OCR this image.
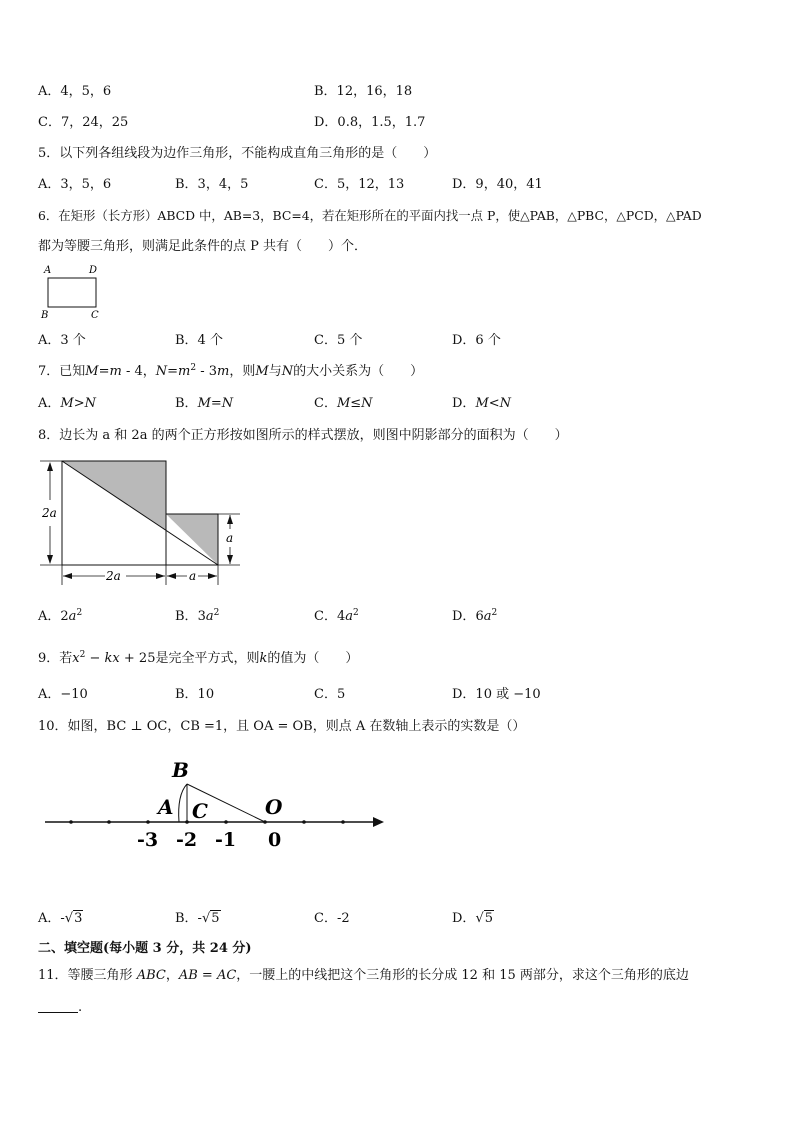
A．4，5，6	B．12，16，18
C．7，24，25	D．0.8，1.5，1.7
5．以下列各组线段为边作三角形，不能构成直角三角形的是（　　）
A．3，5，6	B．3，4，5	C．5，12，13	D．9，40，41
6．在矩形（长方形）ABCD 中，AB=3，BC=4，若在矩形所在的平面内找一点 P，使△PAB，△PBC，△PCD，△PAD
都为等腰三角形，则满足此条件的点 P 共有（　　）个．
A	D
B	C
A．3 个	B．4 个	C．5 个	D．6 个
7．已知M=m - 4，$N=m^2 - 3m$，则M与N的大小关系为（　　）
A．M>N	B．M=N	C．M≤N	D．M<N
8．边长为 a 和 2a 的两个正方形按如图所示的样式摆放，则图中阴影部分的面积为（　　）
2a
a
2a	a
A．$2a^2$	B．$3a^2$	C．$4a^2$	D．$6a^2$
9．若$x^2$ − kx + 25是完全平方式，则k的值为（　　）
A．−10	B．10	C．5	D．10 或 −10
10．如图，BC ⊥ OC，CB =1，且 OA = OB，则点 A 在数轴上表示的实数是（）
B
A C	O
-3 -2 -1 0
A．-√3	B．-√5	C．-2	D．√5
二、填空题(每小题 3 分，共 24 分)
11．等腰三角形 ABC，AB = AC，一腰上的中线把这个三角形的长分成 12 和 15 两部分，求这个三角形的底边
.
